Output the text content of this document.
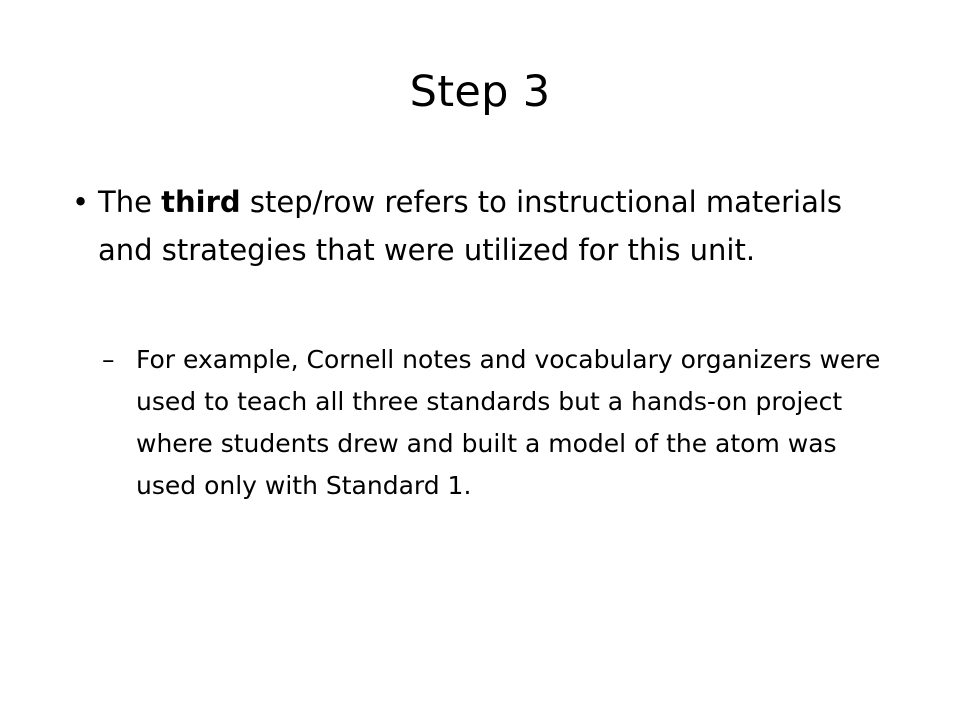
Step 3
• The third step/row refers to instructional materials and strategies that were utilized for this unit.
– For example, Cornell notes and vocabulary organizers were used to teach all three standards but a hands-on project where students drew and built a model of the atom was used only with Standard 1.
